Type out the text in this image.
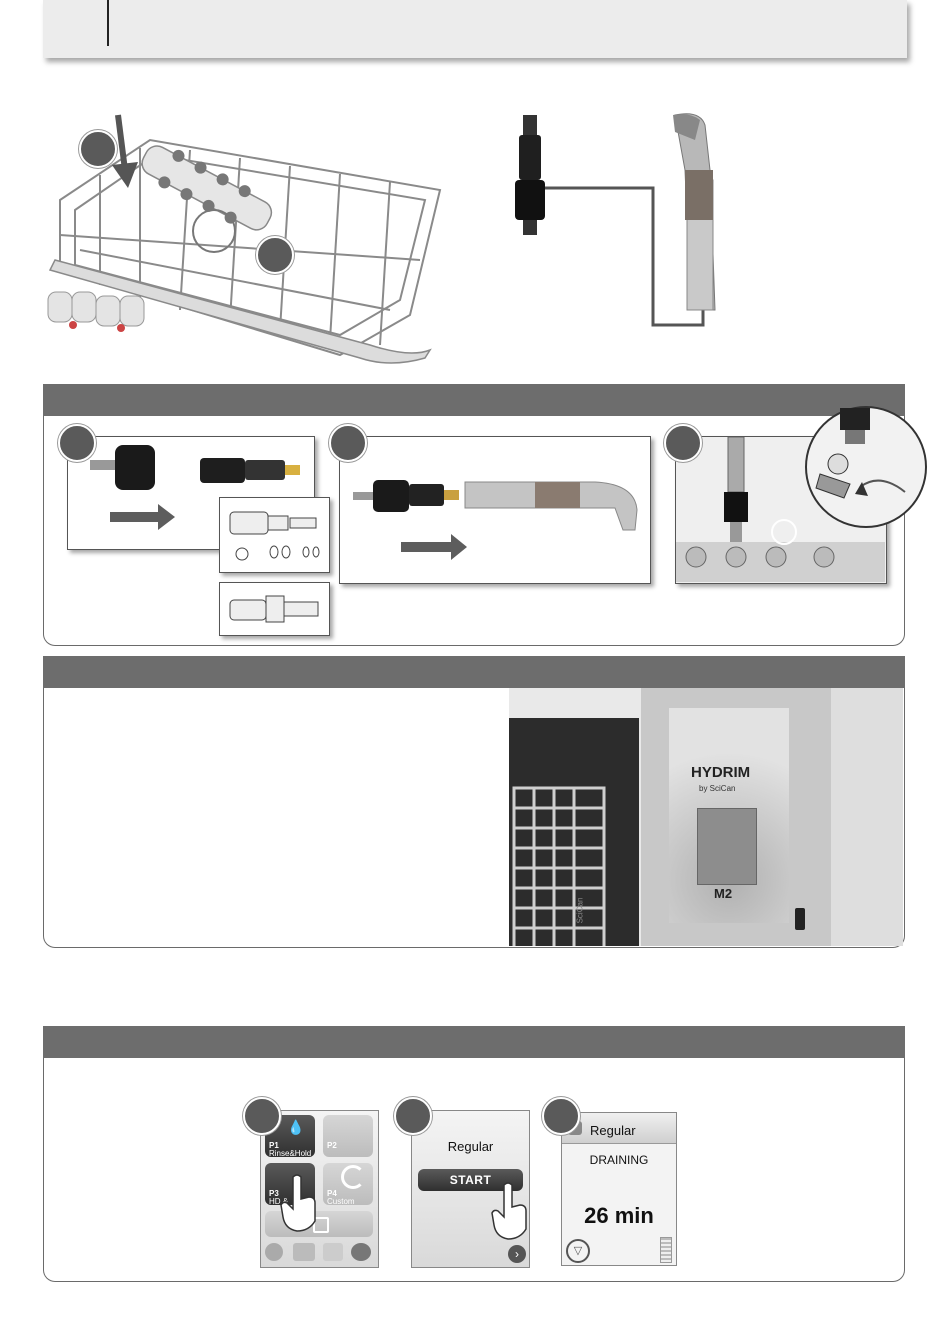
SciCan
HYDRIM
by SciCan
M2
P1
Rinse&Hold
💧
P2
P3
HD &
P4
Custom
Regular
START
›
Regular
DRAINING
26 min
▽
